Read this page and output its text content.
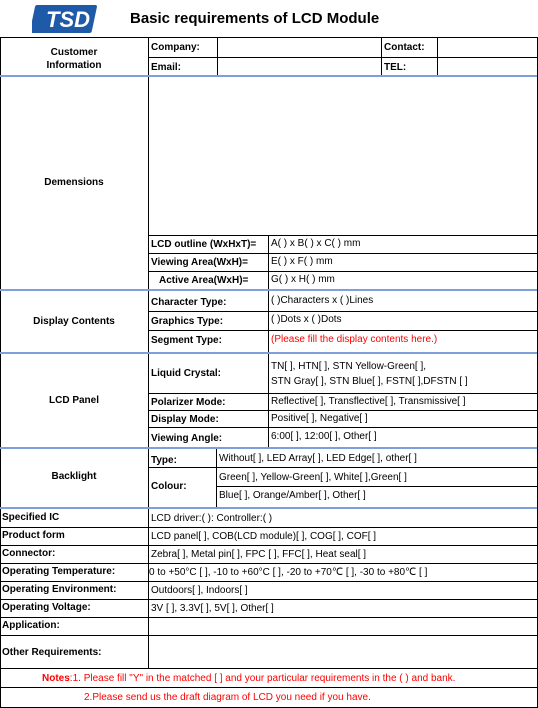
TSD	Basic requirements of LCD Module
Customer
Information
Company:	Contact:
Email:	TEL:
Demensions
LCD outline (WxHxT)= A( ) x B( ) x C( ) mm
Viewing Area(WxH)= E( ) x F( ) mm
Active Area(WxH)= G( ) x H( ) mm
Display Contents
Character Type:	( )Characters x ( )Lines
Graphics Type:	( )Dots x ( )Dots
Segment Type:	(Please fill the display contents here.)
LCD Panel
Liquid Crystal:
TN[ ], HTN[ ], STN Yellow-Green[ ],
STN Gray[ ], STN Blue[ ], FSTN[ ],DFSTN [ ]
Polarizer Mode:	Reflective[ ], Transflective[ ], Transmissive[ ]
Display Mode:	Positive[ ], Negative[ ]
Viewing Angle:	6:00[ ], 12:00[ ], Other[ ]
Backlight
Type:	Without[ ], LED Array[ ], LED Edge[ ], other[ ]
Colour:
Green[ ], Yellow-Green[ ], White[ ],Green[ ]
Blue[ ], Orange/Amber[ ], Other[ ]
Specified IC	LCD driver:( ): Controller:( )
Product form	LCD panel[ ], COB(LCD module)[ ], COG[ ], COF[ ]
Connector:	Zebra[ ], Metal pin[ ], FPC [ ], FFC[ ], Heat seal[ ]
Operating Temperature:	0 to +50°C [ ], -10 to +60°C [ ], -20 to +70℃ [ ], -30 to +80℃ [ ]
Operating Environment:	Outdoors[ ], Indoors[ ]
Operating Voltage:	3V [ ], 3.3V[ ], 5V[ ], Other[ ]
Application:
Other Requirements:
Notes:1. Please fill "Y" in the matched [ ] and your particular requirements in the ( ) and bank.
2.Please send us the draft diagram of LCD you need if you have.
